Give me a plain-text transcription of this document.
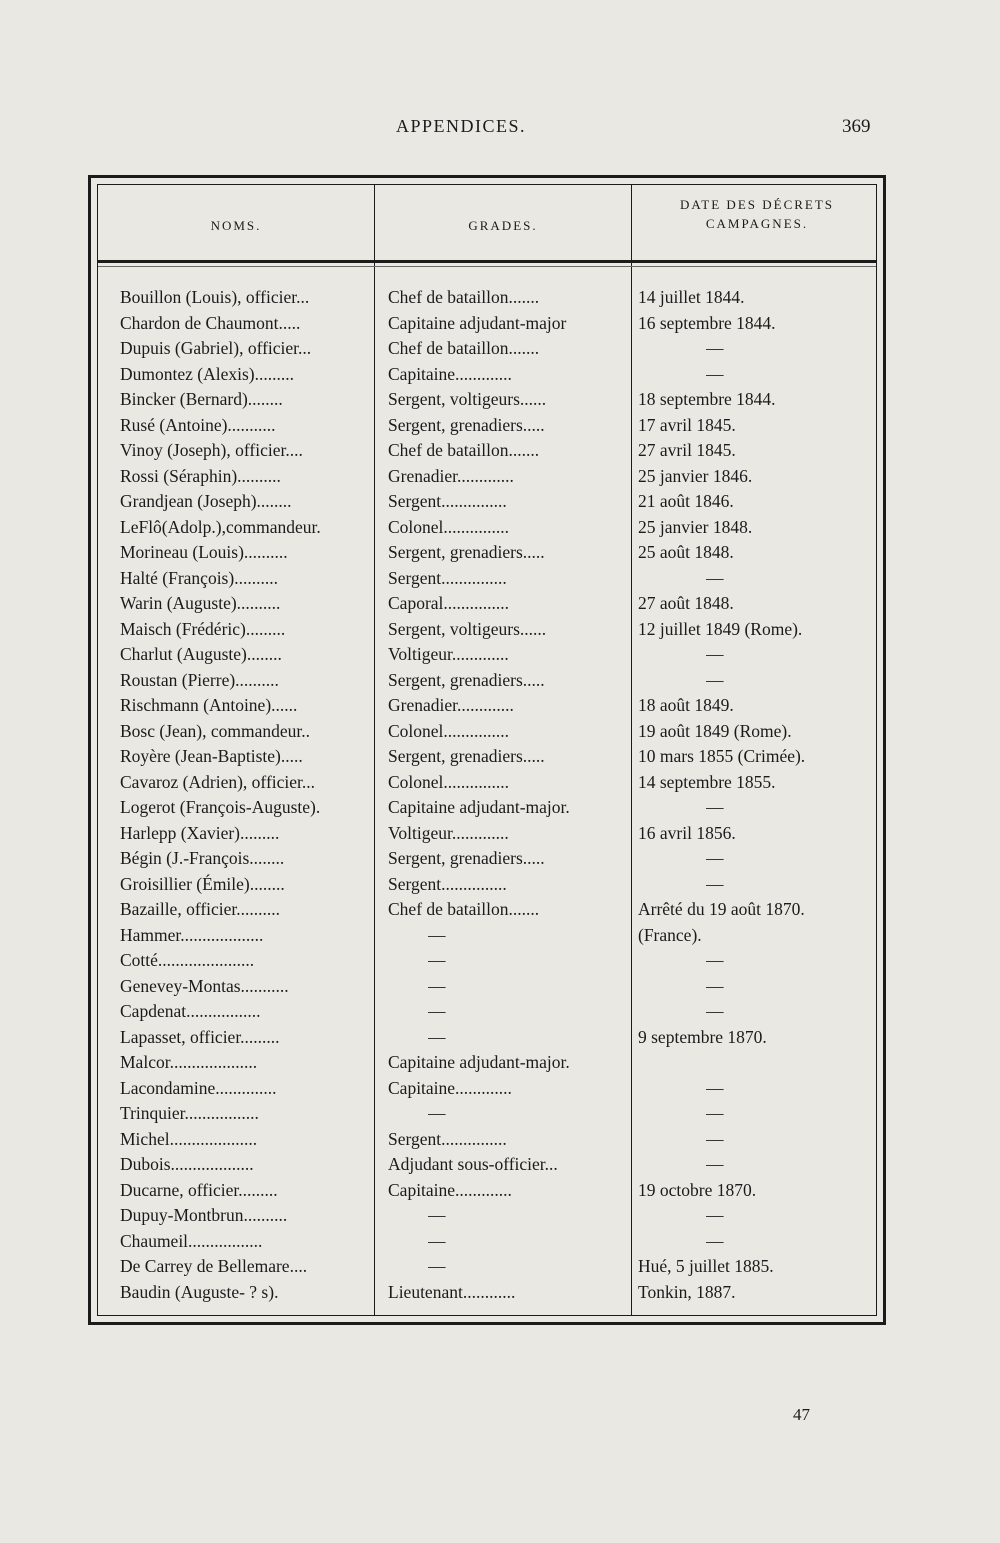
APPENDICES.	369
NOMS.	GRADES.
DATE DES DÉCRETS
CAMPAGNES.
Bouillon (Louis), officier...	Chef de bataillon.......	14 juillet 1844.
Chardon de Chaumont.....	Capitaine adjudant-major	16 septembre 1844.
Dupuis (Gabriel), officier...	Chef de bataillon.......	—
Dumontez (Alexis).........	Capitaine.............	—
Bincker (Bernard)........	Sergent, voltigeurs......	18 septembre 1844.
Rusé (Antoine)...........	Sergent, grenadiers.....	17 avril 1845.
Vinoy (Joseph), officier....	Chef de bataillon.......	27 avril 1845.
Rossi (Séraphin)..........	Grenadier.............	25 janvier 1846.
Grandjean (Joseph)........	Sergent...............	21 août 1846.
LeFlô(Adolp.),commandeur.	Colonel...............	25 janvier 1848.
Morineau (Louis)..........	Sergent, grenadiers.....	25 août 1848.
Halté (François)..........	Sergent...............	—
Warin (Auguste)..........	Caporal...............	27 août 1848.
Maisch (Frédéric).........	Sergent, voltigeurs......	12 juillet 1849 (Rome).
Charlut (Auguste)........	Voltigeur.............	—
Roustan (Pierre)..........	Sergent, grenadiers.....	—
Rischmann (Antoine)......	Grenadier.............	18 août 1849.
Bosc (Jean), commandeur..	Colonel...............	19 août 1849 (Rome).
Royère (Jean-Baptiste).....	Sergent, grenadiers.....	10 mars 1855 (Crimée).
Cavaroz (Adrien), officier...	Colonel...............	14 septembre 1855.
Logerot (François-Auguste).	Capitaine adjudant-major.	—
Harlepp (Xavier).........	Voltigeur.............	16 avril 1856.
Bégin (J.-François........	Sergent, grenadiers.....	—
Groisillier (Émile)........	Sergent...............	—
Bazaille, officier..........	Chef de bataillon.......	Arrêté du 19 août 1870.
Hammer...................	—	(France).
Cotté......................	—	—
Genevey-Montas...........	—	—
Capdenat.................	—	—
Lapasset, officier.........	—	9 septembre 1870.
Malcor....................	Capitaine adjudant-major.
Lacondamine..............	Capitaine.............	—
Trinquier.................	—	—
Michel....................	Sergent...............	—
Dubois...................	Adjudant sous-officier...	—
Ducarne, officier.........	Capitaine.............	19 octobre 1870.
Dupuy-Montbrun..........	—	—
Chaumeil.................	—	—
De Carrey de Bellemare....	—	Hué, 5 juillet 1885.
Baudin (Auguste- ? s).	Lieutenant............	Tonkin, 1887.
47
